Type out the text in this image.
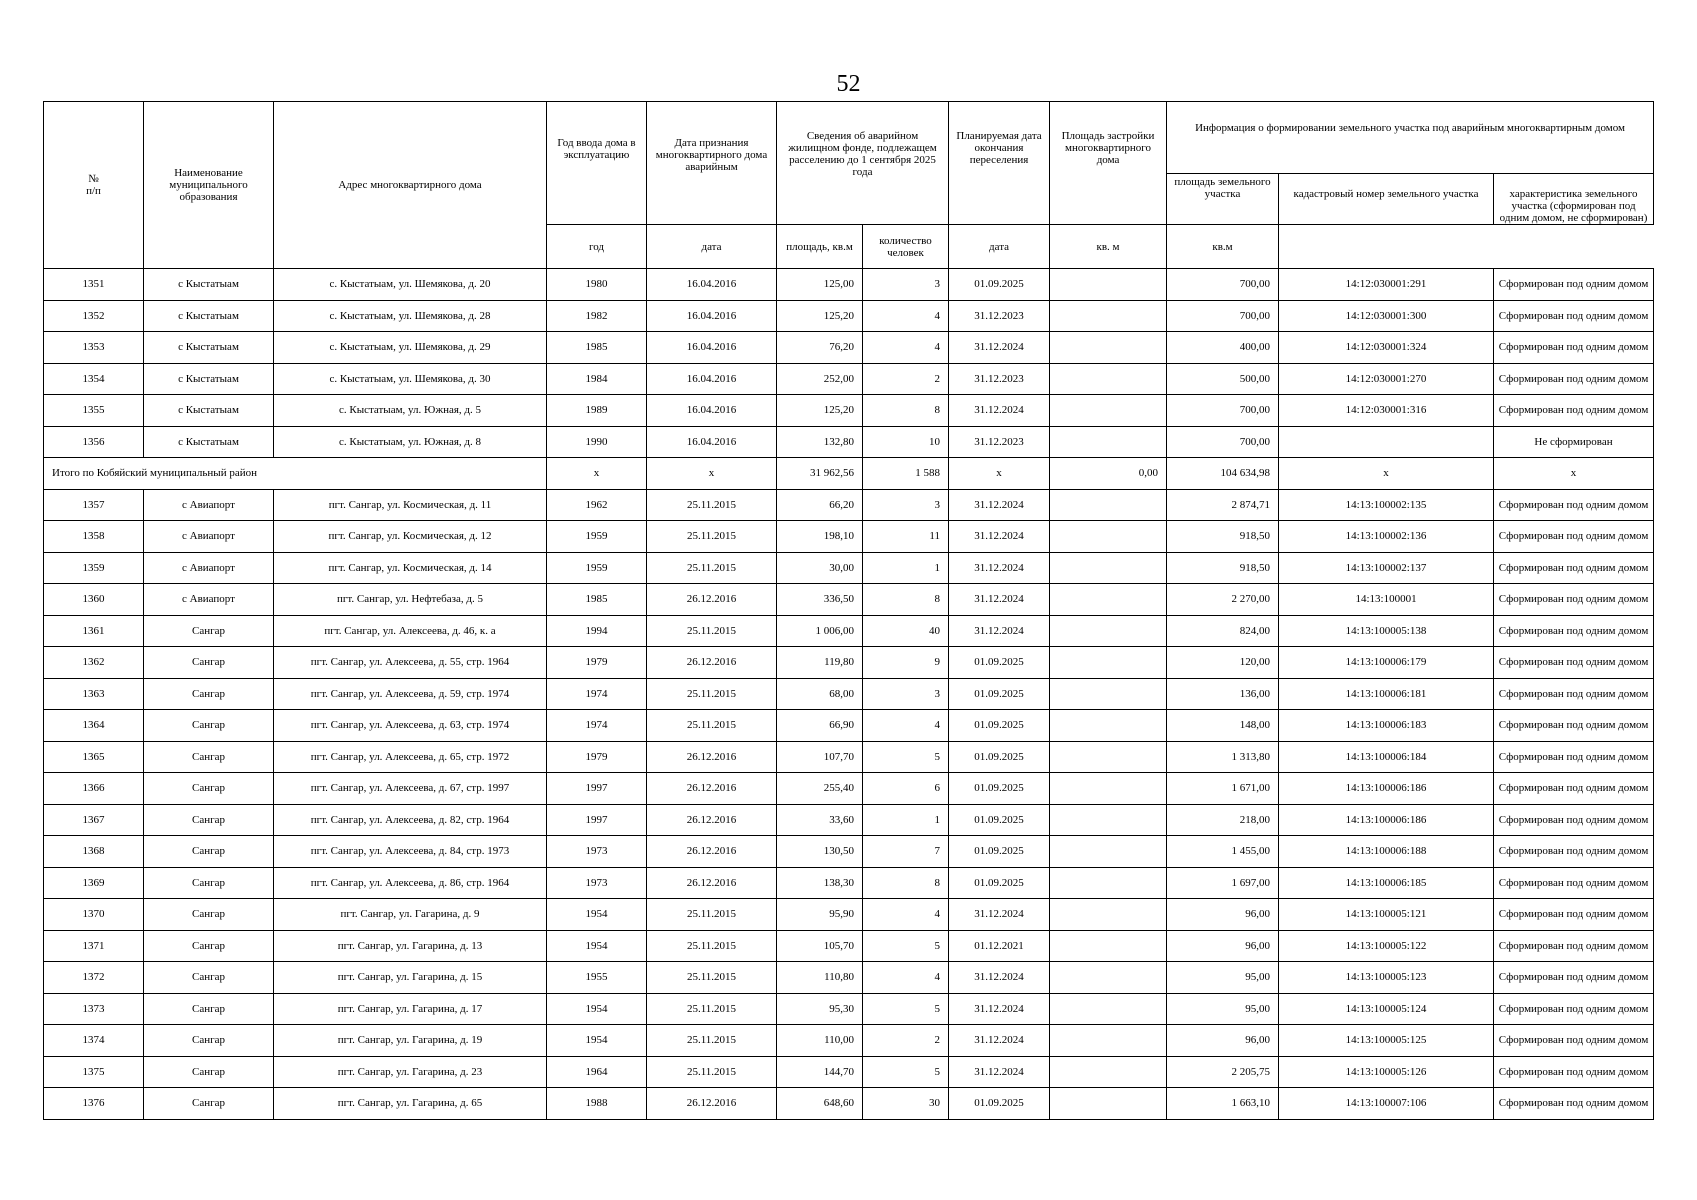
52
№
п/п	Наименование муниципального образования	Адрес многоквартирного дома	Год ввода дома в эксплуатацию	Дата признания многоквартирного дома аварийным	Сведения об аварийном жилищном фонде, подлежащем расселению до 1 сентября 2025 года		Планируемая дата окончания переселения	Площадь застройки многоквартирного дома	Информация о формировании земельного участка под аварийным многоквартирным домом		
									площадь земельного участка	кадастровый номер земельного участка	характеристика земельного участка (сформирован под одним домом, не сформирован)
			год	дата	площадь, кв.м	количество человек	дата	кв. м	кв.м		
1351	с Кыстатыам	с. Кыстатыам, ул. Шемякова, д. 20	1980	16.04.2016	125,00	3	01.09.2025		700,00	14:12:030001:291	Сформирован под одним домом
1352	с Кыстатыам	с. Кыстатыам, ул. Шемякова, д. 28	1982	16.04.2016	125,20	4	31.12.2023		700,00	14:12:030001:300	Сформирован под одним домом
1353	с Кыстатыам	с. Кыстатыам, ул. Шемякова, д. 29	1985	16.04.2016	76,20	4	31.12.2024		400,00	14:12:030001:324	Сформирован под одним домом
1354	с Кыстатыам	с. Кыстатыам, ул. Шемякова, д. 30	1984	16.04.2016	252,00	2	31.12.2023		500,00	14:12:030001:270	Сформирован под одним домом
1355	с Кыстатыам	с. Кыстатыам, ул. Южная, д. 5	1989	16.04.2016	125,20	8	31.12.2024		700,00	14:12:030001:316	Сформирован под одним домом
1356	с Кыстатыам	с. Кыстатыам, ул. Южная, д. 8	1990	16.04.2016	132,80	10	31.12.2023		700,00		Не сформирован
Итого по Кобяйский муниципальный район			х	х	31 962,56	1 588	х	0,00	104 634,98	х	х
1357	с Авиапорт	пгт. Сангар, ул. Космическая, д. 11	1962	25.11.2015	66,20	3	31.12.2024		2 874,71	14:13:100002:135	Сформирован под одним домом
1358	с Авиапорт	пгт. Сангар, ул. Космическая, д. 12	1959	25.11.2015	198,10	11	31.12.2024		918,50	14:13:100002:136	Сформирован под одним домом
1359	с Авиапорт	пгт. Сангар, ул. Космическая, д. 14	1959	25.11.2015	30,00	1	31.12.2024		918,50	14:13:100002:137	Сформирован под одним домом
1360	с Авиапорт	пгт. Сангар, ул. Нефтебаза, д. 5	1985	26.12.2016	336,50	8	31.12.2024		2 270,00	14:13:100001	Сформирован под одним домом
1361	Сангар	пгт. Сангар, ул. Алексеева, д. 46, к. а	1994	25.11.2015	1 006,00	40	31.12.2024		824,00	14:13:100005:138	Сформирован под одним домом
1362	Сангар	пгт. Сангар, ул. Алексеева, д. 55, стр. 1964	1979	26.12.2016	119,80	9	01.09.2025		120,00	14:13:100006:179	Сформирован под одним домом
1363	Сангар	пгт. Сангар, ул. Алексеева, д. 59, стр. 1974	1974	25.11.2015	68,00	3	01.09.2025		136,00	14:13:100006:181	Сформирован под одним домом
1364	Сангар	пгт. Сангар, ул. Алексеева, д. 63, стр. 1974	1974	25.11.2015	66,90	4	01.09.2025		148,00	14:13:100006:183	Сформирован под одним домом
1365	Сангар	пгт. Сангар, ул. Алексеева, д. 65, стр. 1972	1979	26.12.2016	107,70	5	01.09.2025		1 313,80	14:13:100006:184	Сформирован под одним домом
1366	Сангар	пгт. Сангар, ул. Алексеева, д. 67, стр. 1997	1997	26.12.2016	255,40	6	01.09.2025		1 671,00	14:13:100006:186	Сформирован под одним домом
1367	Сангар	пгт. Сангар, ул. Алексеева, д. 82, стр. 1964	1997	26.12.2016	33,60	1	01.09.2025		218,00	14:13:100006:186	Сформирован под одним домом
1368	Сангар	пгт. Сангар, ул. Алексеева, д. 84, стр. 1973	1973	26.12.2016	130,50	7	01.09.2025		1 455,00	14:13:100006:188	Сформирован под одним домом
1369	Сангар	пгт. Сангар, ул. Алексеева, д. 86, стр. 1964	1973	26.12.2016	138,30	8	01.09.2025		1 697,00	14:13:100006:185	Сформирован под одним домом
1370	Сангар	пгт. Сангар, ул. Гагарина, д. 9	1954	25.11.2015	95,90	4	31.12.2024		96,00	14:13:100005:121	Сформирован под одним домом
1371	Сангар	пгт. Сангар, ул. Гагарина, д. 13	1954	25.11.2015	105,70	5	01.12.2021		96,00	14:13:100005:122	Сформирован под одним домом
1372	Сангар	пгт. Сангар, ул. Гагарина, д. 15	1955	25.11.2015	110,80	4	31.12.2024		95,00	14:13:100005:123	Сформирован под одним домом
1373	Сангар	пгт. Сангар, ул. Гагарина, д. 17	1954	25.11.2015	95,30	5	31.12.2024		95,00	14:13:100005:124	Сформирован под одним домом
1374	Сангар	пгт. Сангар, ул. Гагарина, д. 19	1954	25.11.2015	110,00	2	31.12.2024		96,00	14:13:100005:125	Сформирован под одним домом
1375	Сангар	пгт. Сангар, ул. Гагарина, д. 23	1964	25.11.2015	144,70	5	31.12.2024		2 205,75	14:13:100005:126	Сформирован под одним домом
1376	Сангар	пгт. Сангар, ул. Гагарина, д. 65	1988	26.12.2016	648,60	30	01.09.2025		1 663,10	14:13:100007:106	Сформирован под одним домом
